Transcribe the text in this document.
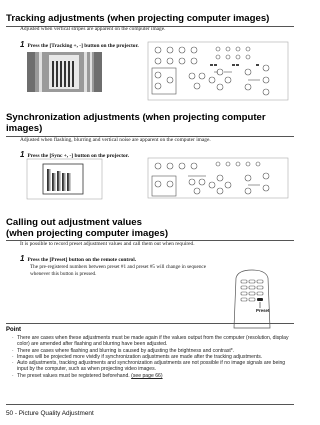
Tracking adjustments (when projecting computer images)
Adjusted when vertical stripes are apparent on the computer image.
1 Press the [Tracking +, -] button on the projector.
Synchronization adjustments (when projecting computer
images)
Adjusted when flashing, blurring and vertical noise are apparent on the computer image.
1 Press the [Sync +, -] button on the projector.
Calling out adjustment values
(when projecting computer images)
It is possible to record preset adjustment values and call them out when required.
1 Press the [Preset] button on the remote control.
The pre-registered numbers between preset #1 and preset #5 will change in sequence
whenever this button is pressed.
Preset
Point
· There are cases when these adjustments must be made again if the values output from the computer (resolution, display color) are amended after flashing and blurring have been adjusted.
· There are cases where flashing and blurring is caused by adjusting the brightness and contrast*.
· Images will be projected more vividly if synchronization adjustments are made after the tracking adjustments.
· Auto adjustments, tracking adjustments and synchronization adjustments are not possible if no image signals are being input by the computer, such as when projecting video images.
· The preset values must be registered beforehand. (see page 66)
50 - Picture Quality Adjustment
